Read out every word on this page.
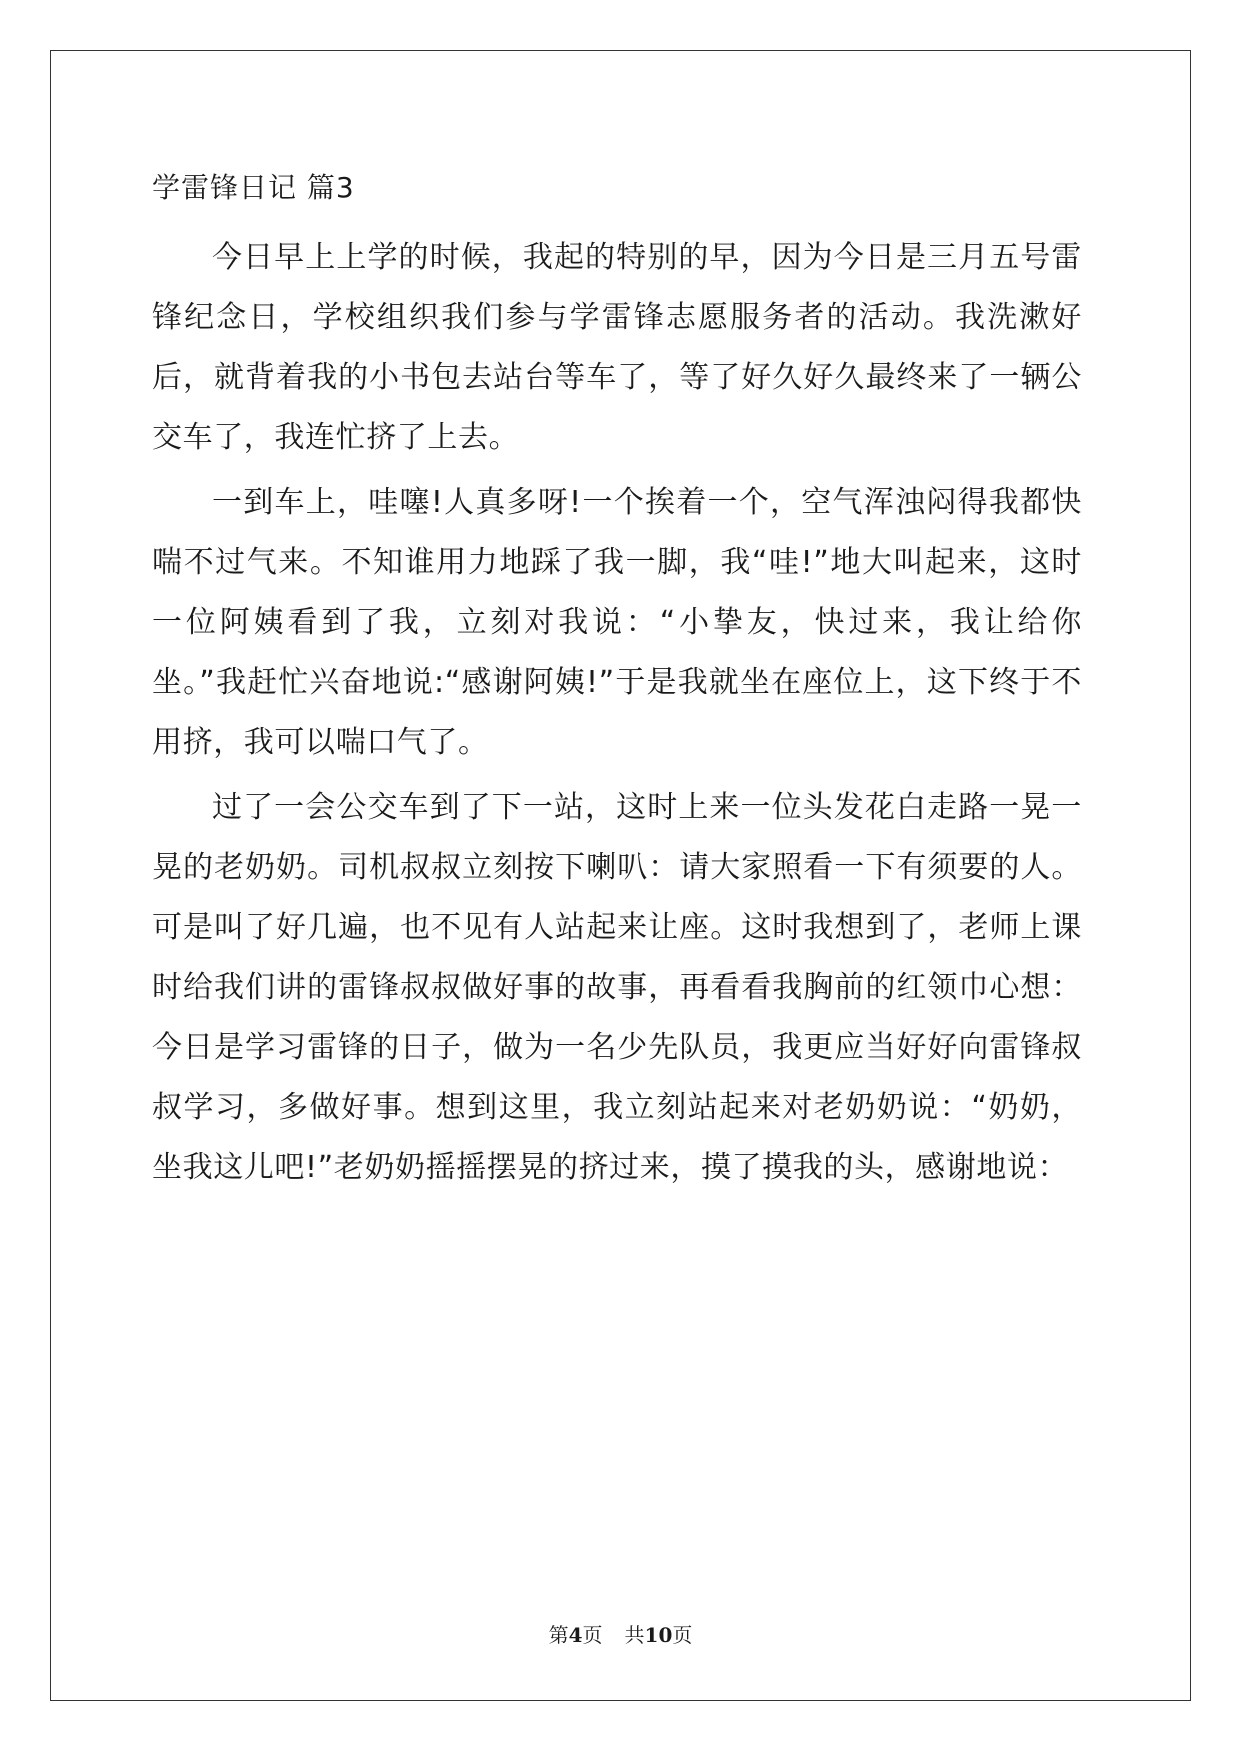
学雷锋日记 篇3

今日早上上学的时候，我起的特别的早，因为今日是三月五号雷锋纪念日，学校组织我们参与学雷锋志愿服务者的活动。我洗漱好后，就背着我的小书包去站台等车了，等了好久好久最终来了一辆公交车了，我连忙挤了上去。

一到车上，哇噻!人真多呀!一个挨着一个，空气浑浊闷得我都快喘不过气来。不知谁用力地踩了我一脚，我“哇!”地大叫起来，这时一位阿姨看到了我，立刻对我说：“小挚友，快过来，我让给你坐。”我赶忙兴奋地说:“感谢阿姨!”于是我就坐在座位上，这下终于不用挤，我可以喘口气了。

过了一会公交车到了下一站，这时上来一位头发花白走路一晃一晃的老奶奶。司机叔叔立刻按下喇叭：请大家照看一下有须要的人。可是叫了好几遍，也不见有人站起来让座。这时我想到了，老师上课时给我们讲的雷锋叔叔做好事的故事，再看看我胸前的红领巾心想：今日是学习雷锋的日子，做为一名少先队员，我更应当好好向雷锋叔叔学习，多做好事。想到这里，我立刻站起来对老奶奶说：“奶奶，坐我这儿吧!”老奶奶摇摇摆晃的挤过来，摸了摸我的头，感谢地说：

第4页 共10页
